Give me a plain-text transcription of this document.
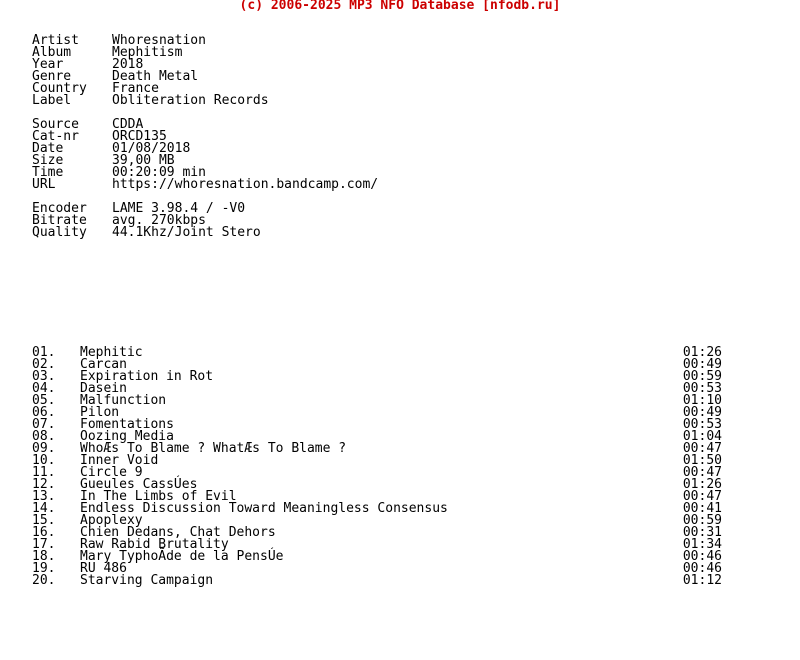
(c) 2006-2025 MP3 NFO Database [nfodb.ru]
Artist	Whoresnation
Album	Mephitism
Year	2018
Genre	Death Metal
Country	France
Label	Obliteration Records
Source	CDDA
Cat-nr	ORCD135
Date	01/08/2018
Size	39,00 MB
Time	00:20:09 min
URL	https://whoresnation.bandcamp.com/
Encoder	LAME 3.98.4 / -V0
Bitrate	avg. 270kbps
Quality	44.1Khz/Joint Stero
01.	Mephitic	01:26
02.	Carcan	00:49
03.	Expiration in Rot	00:59
04.	Dasein	00:53
05.	Malfunction	01:10
06.	Pilon	00:49
07.	Fomentations	00:53
08.	Oozing Media	01:04
09.	WhoÆs To Blame ? WhatÆs To Blame ?	00:47
10.	Inner Void	01:50
11.	Circle 9	00:47
12.	Gueules CassÚes	01:26
13.	In The Limbs of Evil	00:47
14.	Endless Discussion Toward Meaningless Consensus	00:41
15.	Apoplexy	00:59
16.	Chien Dedans, Chat Dehors	00:31
17.	Raw Rabid Brutality	01:34
18.	Mary TyphoÃde de la PensÚe	00:46
19.	RU 486	00:46
20.	Starving Campaign	01:12
